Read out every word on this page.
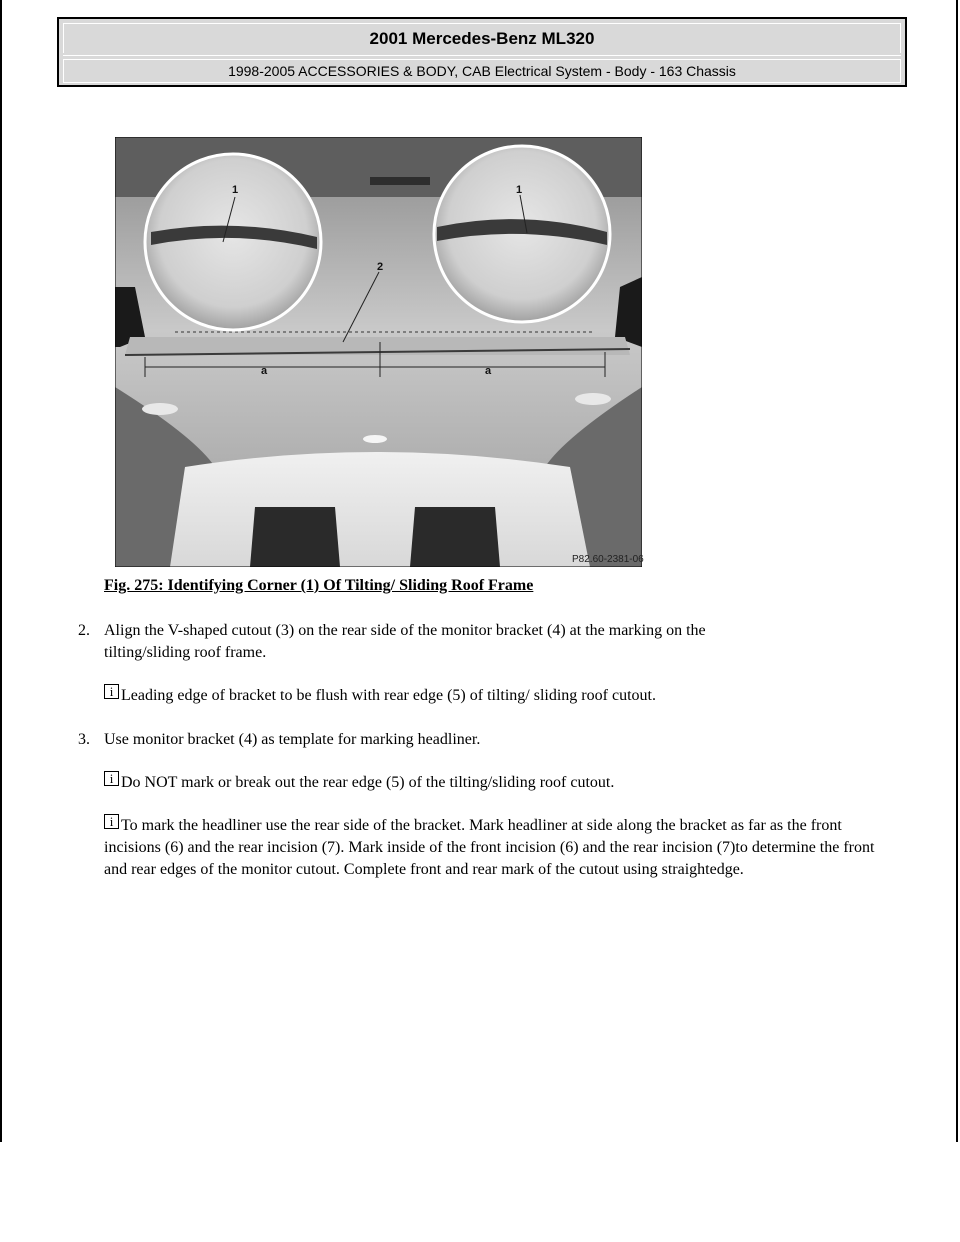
2001 Mercedes-Benz ML320
1998-2005 ACCESSORIES & BODY, CAB Electrical System - Body - 163 Chassis
1	1
2
a	a
P82.60-2381-06
Fig. 275: Identifying Corner (1) Of Tilting/ Sliding Roof Frame
2. Align the V-shaped cutout (3) on the rear side of the monitor bracket (4) at the marking on the
tilting/sliding roof frame.
iLeading edge of bracket to be flush with rear edge (5) of tilting/ sliding roof cutout.
3. Use monitor bracket (4) as template for marking headliner.
iDo NOT mark or break out the rear edge (5) of the tilting/sliding roof cutout.
iTo mark the headliner use the rear side of the bracket. Mark headliner at side along the bracket as far as the front incisions (6) and the rear incision (7). Mark inside of the front incision (6) and the rear incision (7)to determine the front and rear edges of the monitor cutout. Complete front and rear mark of the cutout using straightedge.
